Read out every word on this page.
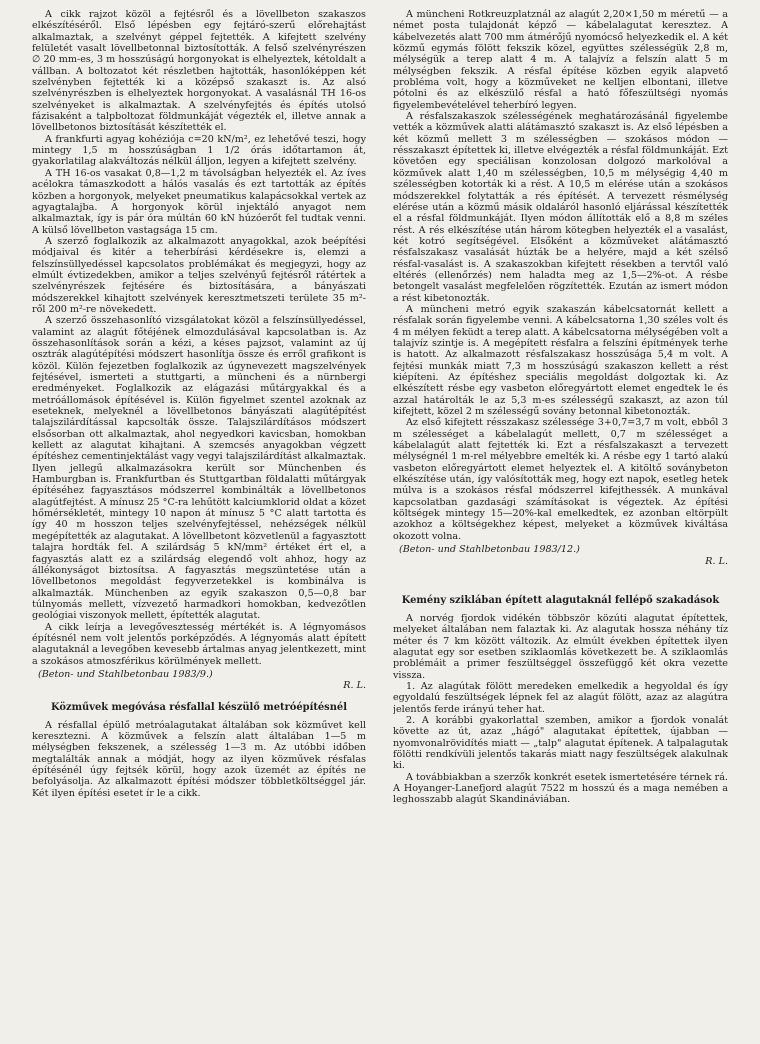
A cikk rajzot közöl a fejtésről és a lövellbeton szakaszos elkészítéséről. Első lépésben egy fejtáró-szerű előrehajtást alkalmaztak, a szelvényt géppel fejtették. A kifejtett szelvény felületét vasalt lövellbetonnal biztosították. A felső szelvényrészen ∅ 20 mm-es, 3 m hosszúságú horgonyokat is elhelyeztek, kétoldalt a vállban. A boltozatot két részletben hajtották, hasonlóképpen két szelvényben fejtették ki a középső szakaszt is. Az alsó szelvényrészben is elhelyeztek horgonyokat. A vasalásnál TH 16-os szelvényeket is alkalmaztak. A szelvényfejtés és építés utolsó fázisaként a talpboltozat földmunkáját végezték el, illetve annak a lövellbetonos biztosítását készítették el.

A frankfurti agyag kohéziója c=20 kN/m², ez lehetővé teszi, hogy mintegy 1,5 m hosszúságban 1 1/2 órás időtartamon át, gyakorlatilag alakváltozás nélkül álljon, legyen a kifejtett szelvény.

A TH 16-os vasakat 0,8—1,2 m távolságban helyezték el. Az íves acélokra támaszkodott a hálós vasalás és ezt tartották az építés közben a horgonyok, melyeket pneumatikus kalapácsokkal vertek az agyagtalajba. A horgonyok körül injektáló anyagot nem alkalmaztak, így is pár óra múltán 60 kN húzóerőt fel tudtak venni. A külső lövellbeton vastagsága 15 cm.

A szerző foglalkozik az alkalmazott anyagokkal, azok beépítési módjaival és kitér a teherbírási kérdésekre is, elemzi a felszínsüllyedéssel kapcsolatos problémákat és megjegyzi, hogy az elmúlt évtizedekben, amikor a teljes szelvényű fejtésről rátértek a szelvényrészek fejtésére és biztosítására, a bányászati módszerekkel kihajtott szelvények keresztmetszeti területe 35 m²-ről 200 m²-re növekedett.

A szerző összehasonlító vizsgálatokat közöl a felszínsüllyedéssel, valamint az alagút főtéjének elmozdulásával kapcsolatban is. Az összehasonlítások során a kézi, a késes pajzsot, valamint az új osztrák alagútépítési módszert hasonlítja össze és erről grafikont is közöl. Külön fejezetben foglalkozik az úgynevezett magszelvények fejtésével, ismerteti a stuttgarti, a müncheni és a nürnbergi eredményeket. Foglalkozik az elágazási műtárgyakkal és a metróállomások építésével is. Külön figyelmet szentel azoknak az eseteknek, melyeknél a lövellbetonos bányászati alagútépítést talajszilárdítással kapcsolták össze. Talajszilárdításos módszert elsősorban ott alkalmaztak, ahol negyedkori kavicsban, homokban kellett az alagutat kihajtani. A szemcsés anyagokban végzett építéshez cementinjektálást vagy vegyi talajszilárdítást alkalmaztak. Ilyen jellegű alkalmazásokra került sor Münchenben és Hamburgban is. Frankfurtban és Stuttgartban földalatti műtárgyak építéséhez fagyasztásos módszerrel kombinálták a lövellbetonos alagútfejtést. A mínusz 25 °C-ra lehűtött kalciumklorid oldat a közet hőmérsékletét, mintegy 10 napon át mínusz 5 °C alatt tartotta és így 40 m hosszon teljes szelvényfejtéssel, nehézségek nélkül megépítették az alagutakat. A lövellbetont közvetlenül a fagyasztott talajra hordták fel. A szilárdság 5 kN/mm² értéket ért el, a fagyasztás alatt ez a szilárdság elegendő volt ahhoz, hogy az állékonyságot biztosítsa. A fagyasztás megszüntetése után a lövellbetonos megoldást fegyverzetekkel is kombinálva is alkalmazták. Münchenben az egyik szakaszon 0,5—0,8 bar túlnyomás mellett, vízvezető harmadkori homokban, kedvezőtlen geológiai viszonyok mellett, építették alagutat.

A cikk leírja a levegővesztesség mértékét is. A légnyomásos építésnél nem volt jelentős porképződés. A légnyomás alatt épített alagutaknál a levegőben kevesebb ártalmas anyag jelentkezett, mint a szokásos atmoszférikus körülmények mellett.

(Beton- und Stahlbetonbau 1983/9.)

R. L.
Közművek megóvása résfallal készülő metróépítésnél

A résfallal épülő metróalagutakat általában sok közművet kell keresztezni. A közművek a felszín alatt általában 1—5 m mélységben fekszenek, a szélesség 1—3 m. Az utóbbi időben megtalálták annak a módját, hogy az ilyen közművek résfalas építésénél úgy fejtsék körül, hogy azok üzemét az építés ne befolyásolja. Az alkalmazott építési módszer többletköltséggel jár. Két ilyen építési esetet ír le a cikk.

A müncheni Rotkreuzplatznál az alagút 2,20×1,50 m méretű — a német posta tulajdonát képző — kábelalagutat keresztez. A kábelvezetés alatt 700 mm átmérőjű nyomócső helyezkedik el. A két közmű egymás fölött fekszik közel, együttes szélességük 2,8 m, mélységük a terep alatt 4 m. A talajvíz a felszín alatt 5 m mélységben fekszik. A résfal építése közben egyik alapvető probléma volt, hogy a közműveket ne kelljen elbontani, illetve pótolni és az elkészülő résfal a ható főfeszültségi nyomás figyelembevételével teherbíró legyen.

A résfalszakaszok szélességének meghatározásánál figyelembe vették a közművek alatti alátámasztó szakaszt is. Az első lépésben a két közmű mellett 3 m szélességben — szokásos módon — résszakaszt építettek ki, illetve elvégezték a résfal földmunkáját. Ezt követően egy speciálisan konzolosan dolgozó markolóval a közművek alatt 1,40 m szélességben, 10,5 m mélységig 4,40 m szélességben kotorták ki a rést. A 10,5 m elérése után a szokásos módszerekkel folytatták a rés építését. A tervezett résmélység elérése után a közmű másik oldaláról hasonló eljárással készítették el a résfal földmunkáját. Ilyen módon állították elő a 8,8 m széles rést. A rés elkészítése után három kötegben helyezték el a vasalást, két kotró segítségével. Elsőként a közműveket alátámasztó résfalszakasz vasalását húzták be a helyére, majd a két szélső résfal-vasalást is. A szakaszokban kifejtett résekben a tervtől való eltérés (ellenőrzés) nem haladta meg az 1,5—2%-ot. A résbe betongelt vasalást megfelelően rögzítették. Ezután az ismert módon a rést kibetonozták.

A müncheni metró egyik szakaszán kábelcsatornát kellett a résfalak során figyelembe venni. A kábelcsatorna 1,30 széles volt és 4 m mélyen feküdt a terep alatt. A kábelcsatorna mélységében volt a talajvíz szintje is. A megépített résfalra a felszíni építmények terhe is hatott. Az alkalmazott résfalszakasz hosszúsága 5,4 m volt. A fejtési munkák miatt 7,3 m hosszúságú szakaszon kellett a rést kiépíteni. Az építéshez speciális megoldást dolgoztak ki. Az elkészített résbe egy vasbeton előregyártott elemet engedtek le és azzal határolták le az 5,3 m-es szélességű szakaszt, az azon túl kifejtett, közel 2 m szélességű sovány betonnal kibetonozták.

Az első kifejtett résszakasz szélessége 3+0,7=3,7 m volt, ebből 3 m szélességet a kábelalagút mellett, 0,7 m szélességet a kábelalagút alatt fejtették ki. Ezt a résfalszakaszt a tervezett mélységnél 1 m-rel mélyebbre emelték ki. A résbe egy 1 tartó alakú vasbeton előregyártott elemet helyeztek el. A kitöltő soványbeton elkészítése után, így valósították meg, hogy ezt napok, esetleg hetek múlva is a szokásos résfal módszerrel kifejthessék. A munkával kapcsolatban gazdasági számításokat is végeztek. Az építési költségek mintegy 15—20%-kal emelkedtek, ez azonban eltörpült azokhoz a költségekhez képest, melyeket a közművek kiváltása okozott volna.

(Beton- und Stahlbetonbau 1983/12.)

R. L.
Kemény sziklában épített alagutaknál fellépő szakadások

A norvég fjordok vidékén többször közúti alagutat építettek, melyeket általában nem falaztak ki. Az alagutak hossza néhány tíz méter és 7 km között változik. Az elmúlt években építettek ilyen alagutat egy sor esetben sziklaomlás következett be. A sziklaomlás problémáit a primer feszültséggel összefüggő két okra vezette vissza.

1. Az alagútak fölött meredeken emelkedik a hegyoldal és így egyoldalú feszültségek lépnek fel az alagút fölött, azaz az alagútra jelentős ferde irányú teher hat.

2. A korábbi gyakorlattal szemben, amikor a fjordok vonalát követte az út, azaz „hágó" alagutakat építettek, újabban — nyomvonalrövidítés miatt — „talp" alagutat építenek. A talpalagutak fölötti rendkívüli jelentős takarás miatt nagy feszültségek alakulnak ki.

A továbbiakban a szerzők konkrét esetek ismertetésére térnek rá. A Hoyanger-Lanefjord alagút 7522 m hosszú és a maga nemében a leghosszabb alagút Skandináviában.
